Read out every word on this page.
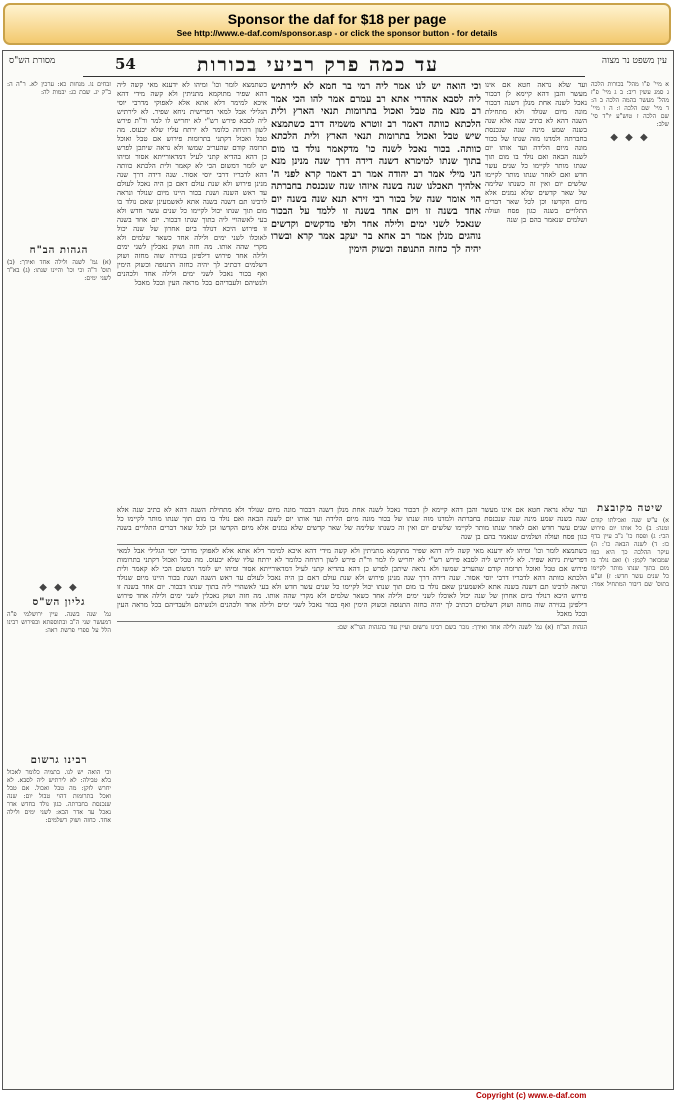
Sponsor the daf for $18 per page
See http://www.e-daf.com/sponsor.asp - or click the sponsor button - for details
עין משפט נר מצוה
עד כמה פרק רביעי בכורות
54
מסורת הש"ס
א מיי' פ"ו מהל' בכורות הלכה ג סמג עשין ריב: ב ג מיי' פ"ז מהל' מעשר בהמה הלכה ב ה: ד מיי' שם הלכה ו: ה ו מיי' שם הלכה ז טוש"ע יו"ד סי' שלב:
◆ ◆ ◆
שיטה מקובצת
א) ע"ש שנה ואכילתו קודם זמנה: ב) כל אותו יום פירוש הכי: ג) ופסח כו' נ"ב עיין בדף כז: ד) לשנה הבאה כו': ה) עיקר ההלכה כך היא כמו שמבואר לקמן: ו) ואם נולד בו מום בתוך שנתו מותר לקיימו כל שנים עשר חדש: ז) וע"ע בתוס' שם דיבור המתחיל אמר:
ועד שלא נראה חטא אם אינו מעשר והבן דהא קיימא לן דבכור נאכל לשנה אחת מנלן דשנה דבכור מונה מיום שנולד ולא מתחילת השנה דהא לא כתיב שנה אלא שנה בשנה שמע מינה שנה שנכנסת בחברתה ולמדנו מזה שנתו של בכור מונה מיום הלידה ועד אותו יום לשנה הבאה ואם נולד בו מום תוך שנתו מותר לקיימו כל שנים עשר חדש ואם לאחר שנתו מותר לקיימו שלשים יום ואין זה כשנתו שלימה של שאר קדשים שלא נמנים אלא מיום הקדשו וכן לכל שאר דברים התלויים בשנה כגון פסח ועולה ושלמים שנאמר בהם בן שנה
וכי הואה יש לנו אמר ליה רמי בר חמא לא לירתיש ליה לסבא אהדרי אתא רב עמרם אמר להו הכי אמר רב מנא מה טבל ואכול בתרומות תנאי הארץ ולית הלכתא כוותה דאמר רב זוטרא משמיה דרב כשתמצא שיש טבל ואכול בתרומות תנאי הארץ ולית הלכתא כוותה. בכור נאכל לשנה כו' מדקאמר נולד בו מום בתוך שנתו למימרא דשנה דידה דרך שנה מנינן מנא הני מילי אמר רב יהודה אמר רב דאמר קרא לפני ה' אלהיך תאכלנו שנה בשנה איזהו שנה שנכנסת בחברתה הוי אומר שנה של בכור רבי זירא תנא שנה בשנה יום אחד בשנה זו ויום אחד בשנה זו ללמד על הבכור שנאכל לשני ימים ולילה אחד ולפי מדקשים וקדשים נוהגים מנלן אמר רב אחא בר יעקב אמר קרא ובשרו יהיה לך כחזה התנופה וכשוק הימין
כשתמצא לומר וכו' ומיהו לא ידענא מאי קשה ליה דהא שפיר מתוקמא מתניתין ולא קשה מידי דהא איכא למימר דלא אתא אלא לאפוקי מדרבי יוסי הגלילי אבל למאי דפרישית ניחא שפיר. לא לירתיש ליה לסבא פירש רש"י לא יחריש לו למר ור"ת פירש לשון רתיחה כלומר לא ירתח עליו שלא יכעוס. מה טבל ואכול דקתני בתרומות פירוש אם טבל ואוכל תרומה קודם שהעריב שמשו ולא נראה שיתכן לפרש כן דהא בהדיא קתני לעיל דמדאורייתא אסור ומיהו יש לומר דמשום הכי לא קאמר ולית הלכתא כוותה דהא לדבריו דרבי יוסי אסור. שנה דידה דרך שנה מנינן פירוש ולא שנת עולם דאם כן היה נאכל לעולם עד ראש השנה ושנת בכור היינו מיום שנולד ונראה לרבינו תם דשנה בשנה אתא לאשמעינן שאם נולד בו מום תוך שנתו יכול לקיימו כל שנים עשר חדש ולא בעי לאשהויי ליה בתוך שנתו דבכור. יום אחד בשנה זו פירוש היכא דנולד ביום אחרון של שנה יכול לאוכלו לשני ימים ולילה אחד כשאר שלמים ולא מקרי שהה אותו. מה חזה ושוק נאכלין לשני ימים ולילה אחד פירוש דילפינן בגזירה שוה מחזה ושוק דשלמים דכתיב לך יהיה כחזה התנופה וכשוק הימין ואף בכור נאכל לשני ימים ולילה אחד ולכהנים ולנשיהם ולעבדיהם בכל מראה העין ובכל מאכל
ועד שלא נראה חטא אם אינו מעשר והבן דהא קיימא לן דבכור נאכל לשנה אחת מנלן דשנה דבכור מונה מיום שנולד ולא מתחילת השנה דהא לא כתיב שנה אלא שנה בשנה שמע מינה שנה שנכנסת בחברתה ולמדנו מזה שנתו של בכור מונה מיום הלידה ועד אותו יום לשנה הבאה ואם נולד בו מום תוך שנתו מותר לקיימו כל שנים עשר חדש ואם לאחר שנתו מותר לקיימו שלשים יום ואין זה כשנתו שלימה של שאר קדשים שלא נמנים אלא מיום הקדשו וכן לכל שאר דברים התלויים בשנה כגון פסח ועולה ושלמים שנאמר בהם בן שנה
כשתמצא לומר וכו' ומיהו לא ידענא מאי קשה ליה דהא שפיר מתוקמא מתניתין ולא קשה מידי דהא איכא למימר דלא אתא אלא לאפוקי מדרבי יוסי הגלילי אבל למאי דפרישית ניחא שפיר. לא לירתיש ליה לסבא פירש רש"י לא יחריש לו למר ור"ת פירש לשון רתיחה כלומר לא ירתח עליו שלא יכעוס. מה טבל ואכול דקתני בתרומות פירוש אם טבל ואוכל תרומה קודם שהעריב שמשו ולא נראה שיתכן לפרש כן דהא בהדיא קתני לעיל דמדאורייתא אסור ומיהו יש לומר דמשום הכי לא קאמר ולית הלכתא כוותה דהא לדבריו דרבי יוסי אסור. שנה דידה דרך שנה מנינן פירוש ולא שנת עולם דאם כן היה נאכל לעולם עד ראש השנה ושנת בכור היינו מיום שנולד ונראה לרבינו תם דשנה בשנה אתא לאשמעינן שאם נולד בו מום תוך שנתו יכול לקיימו כל שנים עשר חדש ולא בעי לאשהויי ליה בתוך שנתו דבכור. יום אחד בשנה זו פירוש היכא דנולד ביום אחרון של שנה יכול לאוכלו לשני ימים ולילה אחד כשאר שלמים ולא מקרי שהה אותו. מה חזה ושוק נאכלין לשני ימים ולילה אחד פירוש דילפינן בגזירה שוה מחזה ושוק דשלמים דכתיב לך יהיה כחזה התנופה וכשוק הימין ואף בכור נאכל לשני ימים ולילה אחד ולכהנים ולנשיהם ולעבדיהם בכל מראה העין ובכל מאכל
הגהות הב"ח (א) גמ' לשנה ולילה אחד ואידך: נזכר בשם רבינו גרשום ועיין עוד בהגהות הגר"א שם:
זבחים נו. מנחות כא: ערכין לא. ר"ה ה: ב"ק יג. שבת כג: יבמות לה:
הגהות הב"ח
(א) גמ' לשנה ולילה אחד ואידך: (ב) תוס' ד"ה וכי וכו' והיינו שנתו: (ג) בא"ד לשני ימים:
◆ ◆ ◆
גליון הש"ס
גמ' שנה בשנה. עיין ירושלמי פ"ה דמעשר שני ה"ב ובתוספתא ובפירוש רבינו הלל על ספרי פרשת ראה:
רבינו גרשום
וכי הואה יש לנו. בתמיה כלומר לאכול בלא טבילה: לא לירתיש ליה לסבא. לא יחרש לזקן: מה טבל ואכול. אם טבל ואכל בתרומות דהוי טבול יום: שנה שנכנסת בחברתה. כגון נולד בחדש אדר נאכל עד אדר הבא: לשני ימים ולילה אחד. כחזה ושוק דשלמים:
Copyright (c) www.e-daf.com
